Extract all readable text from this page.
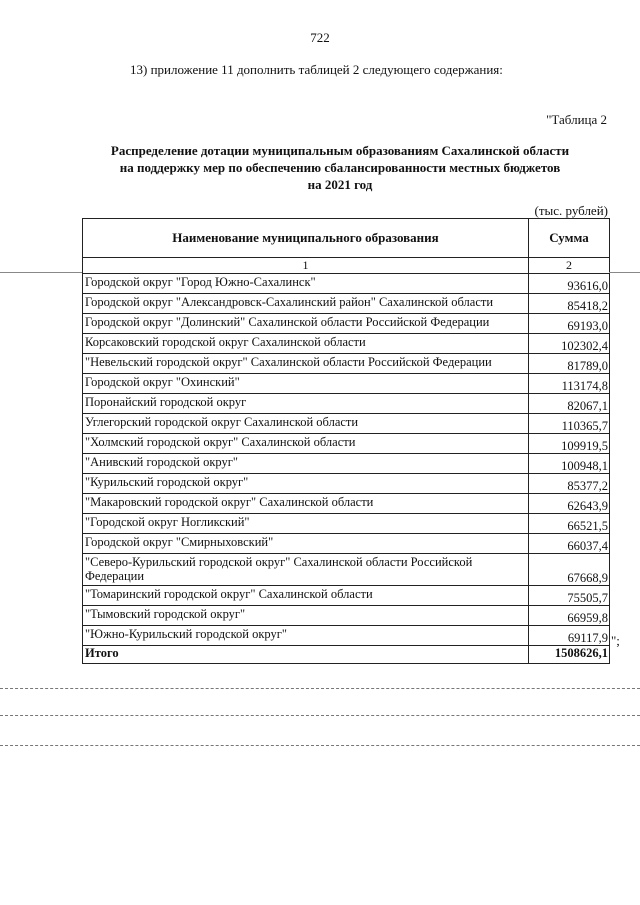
722
13) приложение 11 дополнить таблицей 2 следующего содержания:
"Таблица 2
Распределение дотации муниципальным образованиям Сахалинской области
на поддержку мер по обеспечению сбалансированности местных бюджетов
на 2021 год
(тыс. рублей)
Наименование муниципального образования	Сумма
1	2
Городской округ "Город Южно-Сахалинск"	93616,0
Городской округ "Александровск-Сахалинский район" Сахалинской области	85418,2
Городской округ "Долинский" Сахалинской области Российской Федерации	69193,0
Корсаковский городской округ Сахалинской области	102302,4
"Невельский городской округ" Сахалинской области Российской Федерации	81789,0
Городской округ "Охинский"	113174,8
Поронайский городской округ	82067,1
Углегорский городской округ Сахалинской области	110365,7
"Холмский городской округ" Сахалинской области	109919,5
"Анивский городской округ"	100948,1
"Курильский городской округ"	85377,2
"Макаровский городской округ" Сахалинской области	62643,9
"Городской округ Ногликский"	66521,5
Городской округ "Смирныховский"	66037,4
"Северо-Курильский городской округ" Сахалинской области Российской Федерации	67668,9
"Томаринский городской округ" Сахалинской области	75505,7
"Тымовский городской округ"	66959,8
"Южно-Курильский городской округ"	69117,9
Итого	1508626,1
";
